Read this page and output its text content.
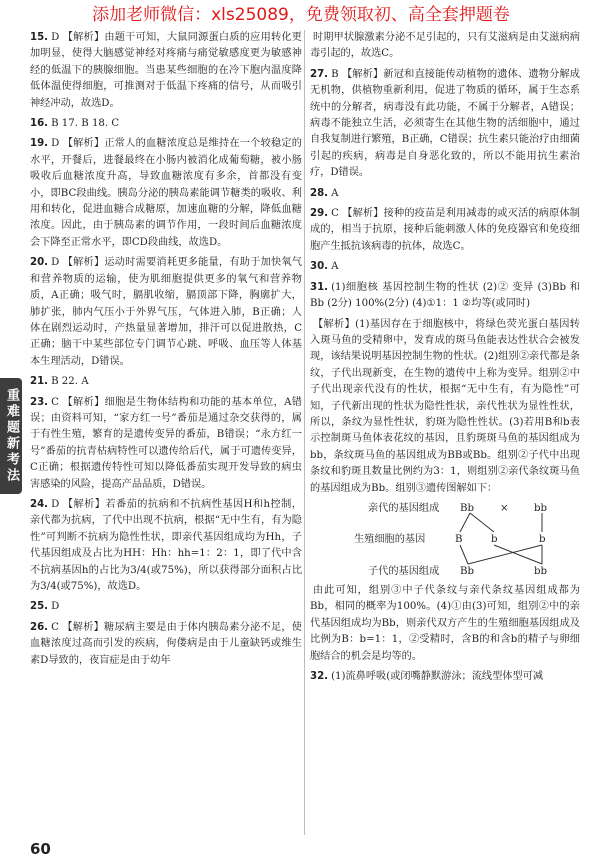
添加老师微信：xls25089，免费领取初、高全套押题卷

15. D 【解析】由题干可知，大鼠同源蛋白质的应用转化更加明显，使得大脑感觉神经对疼痛与痛觉敏感度更为敏感神经的低温下的胰腺细胞。当患某些细胞的在冷下胞内温度降低体温使得细胞，可推测对于低温下疼痛的信号，从而吸引神经冲动，故选D。

16. B 17. B 18. C

19. D 【解析】正常人的血糖浓度总是维持在一个较稳定的水平，开餐后，进餐最终在小肠内被消化成葡萄糖，被小肠吸收后血糖浓度升高，导致血糖浓度有多余，首都没有变小，即BC段曲线。胰岛分泌的胰岛素能调节糖类的吸收、利用和转化，促进血糖合成糖原，加速血糖的分解，降低血糖浓度。因此，由于胰岛素的调节作用，一段时间后血糖浓度会下降至正常水平，即CD段曲线，故选D。

20. D 【解析】运动时需要消耗更多能量，有助于加快氧气和营养物质的运输，使为肌细胞提供更多的氧气和营养物质，A正确；吸气时，膈肌收缩，膈顶部下降，胸廓扩大，肺扩张，肺内气压小于外界气压，气体进入肺，B正确；人体在剧烈运动时，产热量显著增加，排汗可以促进散热，C正确；脑干中某些部位专门调节心跳、呼吸、血压等人体基本生理活动，D错误。

21. B 22. A

23. C 【解析】细胞是生物体结构和功能的基本单位，A错误；由资料可知，“家方红一号”番茄是通过杂交获得的，属于有性生殖，繁育的是遗传变异的番茄，B错误；“永方红一号”番茄的抗青枯病特性可以遗传给后代，属于可遗传变异，C正确；根据遗传特性可知以降低番茄实现开发导致的病虫害感染的风险，提高产品品质，D错误。

24. D 【解析】若番茄的抗病和不抗病性基因H和h控制，亲代都为抗病，了代中出现不抗病，根据“无中生有，有为隐性”可判断不抗病为隐性性状，即亲代基因组成均为Hh，子代基因组成及占比为HH：Hh：hh=1：2：1，即了代中含不抗病基因h的占比为3/4(或75%)，所以获得部分面积占比为3/4(或75%)，故选D。

25. D

26. C 【解析】糖尿病主要是由于体内胰岛素分泌不足，使血糖浓度过高而引发的疾病，佝偻病是由于儿童缺钙或维生素D导致的，夜盲症是由于幼年

时期甲状腺激素分泌不足引起的，只有艾滋病是由艾滋病病毒引起的，故选C。

27. B 【解析】新冠和直接能传动植物的遗体、遗物分解成无机物，供植物重新利用，促进了物质的循环，属于生态系统中的分解者，病毒没有此功能，不属于分解者，A错误；病毒不能独立生活，必须寄生在其他生物的活细胞中，通过自我复制进行繁殖，B正确，C错误；抗生素只能治疗由细菌引起的疾病，病毒是自身恶化致的，所以不能用抗生素治疗，D错误。

28. A

29. C 【解析】接种的疫苗是利用减毒的或灭活的病原体制成的，相当于抗原，接种后能刺激人体的免疫器官和免疫细胞产生抵抗该病毒的抗体，故选C。

30. A

31. (1)细胞核 基因控制生物的性状 (2)② 变异 (3)Bb 和 Bb (2分) 100%(2分) (4)①1：1 ②均等(或同时)

【解析】(1)基因存在于细胞核中，将绿色荧光蛋白基因转入斑马鱼的受精卵中，发育成的斑马鱼能表达性状合会被发现，该结果说明基因控制生物的性状。(2)组别②亲代都是条纹，子代出现新变，在生物的遗传中上称为变异。组别②中子代出现亲代没有的性状，根据“无中生有，有为隐性”可知，子代新出现的性状为隐性性状，亲代性状为显性性状，所以，条纹为显性性状，豹斑为隐性性状。(3)若用B和b表示控制斑马鱼体表花纹的基因，且豹斑斑马鱼的基因组成为bb，条纹斑马鱼的基因组成为BB或Bb。组别②子代中出现条纹和豹斑且数量比例约为3：1，则组别②亲代条纹斑马鱼的基因组成为Bb。组别③遗传图解如下：

亲代的基因组成 Bb	× bb
生殖细胞的基因	B	b	b
子代的基因组成 Bb	bb

由此可知，组别③中子代条纹与亲代条纹基因组成都为Bb，相同的概率为100%。(4)①由(3)可知，组别②中的亲代基因组成均为Bb，则亲代双方产生的生殖细胞基因组成及比例为B：b=1：1，②受精时，含B的和含b的精子与卵细胞结合的机会是均等的。

32. (1)流鼻呼吸(或闭嘴静默游泳；流线型体型可减

重难题新考法
60
